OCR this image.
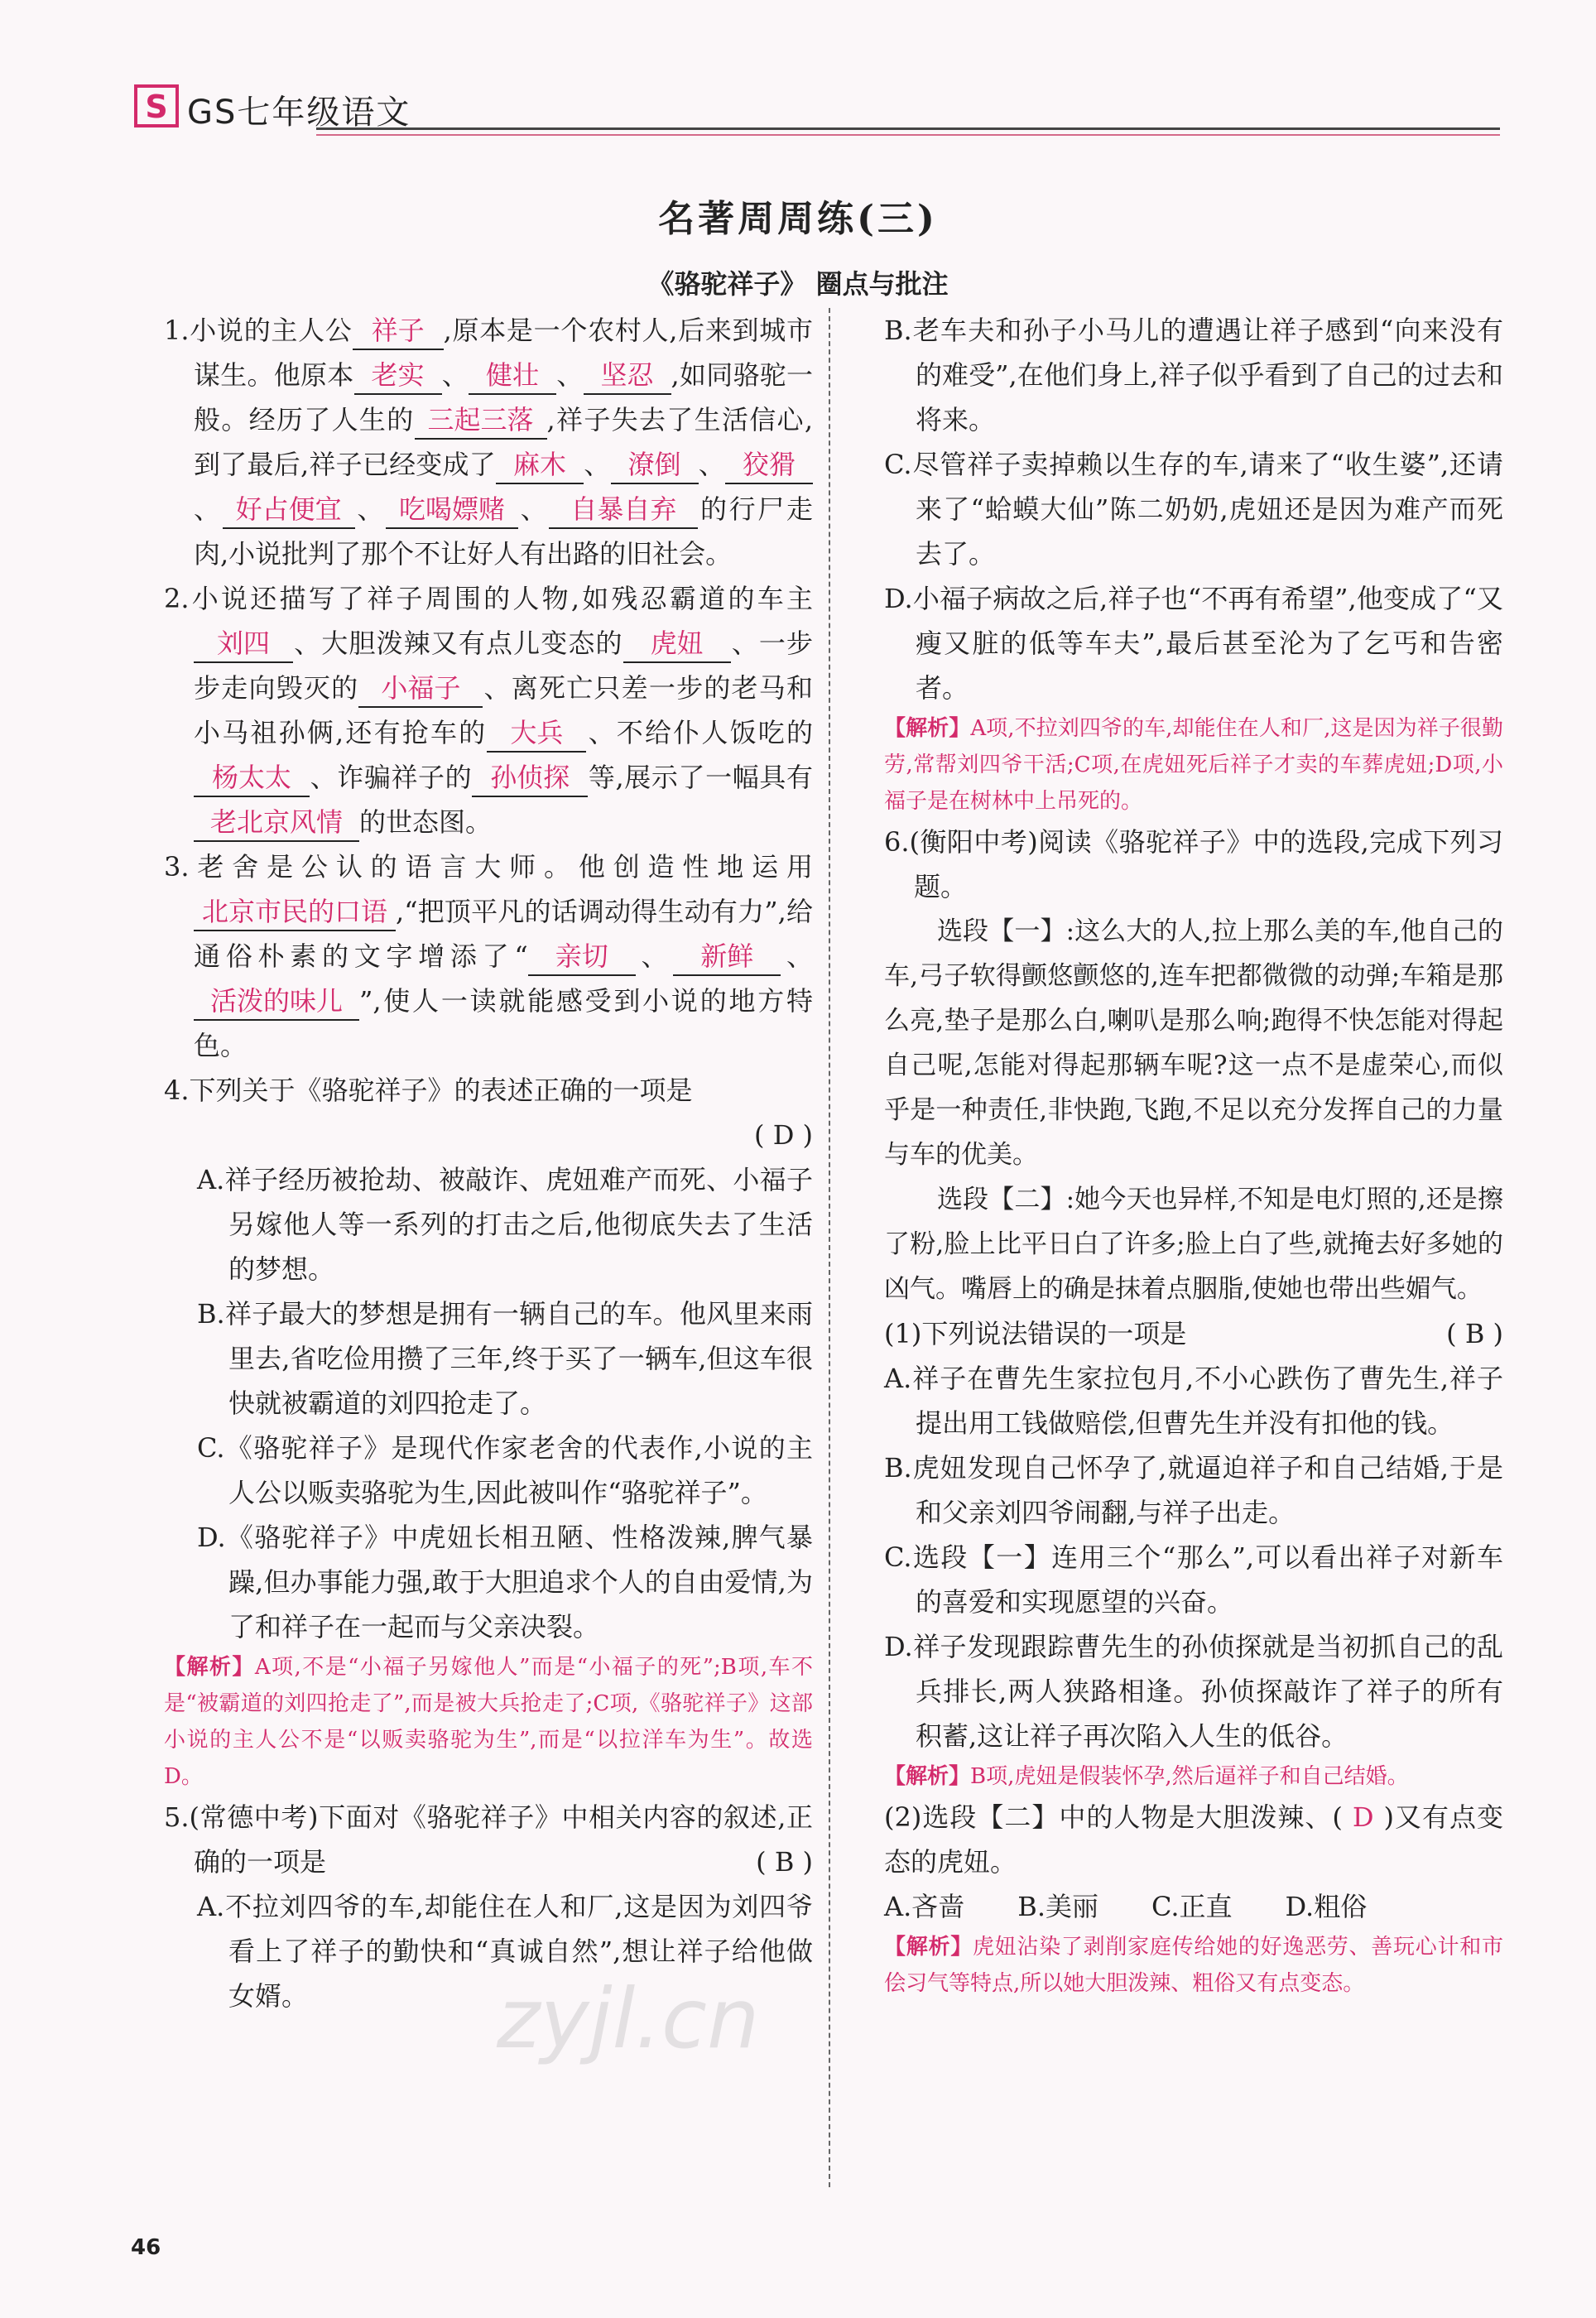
S GS七年级语文
名著周周练(三)
《骆驼祥子》 圈点与批注

1.小说的主人公 祥子 ,原本是一个农村人,后来到城市谋生。他原本 老实 、 健壮 、 坚忍 ,如同骆驼一般。经历了人生的 三起三落 ,祥子失去了生活信心,到了最后,祥子已经变成了 麻木 、 潦倒 、 狡猾、 好占便宜 、 吃喝嫖赌 、 自暴自弃 的行尸走肉,小说批判了那个不让好人有出路的旧社会。

2.小说还描写了祥子周围的人物,如残忍霸道的车主刘四 、大胆泼辣又有点儿变态的 虎妞 、一步步走向毁灭的 小福子 、离死亡只差一步的老马和小马祖孙俩,还有抢车的 大兵 、不给仆人饭吃的杨太太 、诈骗祥子的 孙侦探 等,展示了一幅具有老北京风情 的世态图。

3.老舍是公认的语言大师。他创造性地运用北京市民的口语 ,“把顶平凡的话调动得生动有力”,给通俗朴素的文字增添了“ 亲切 、 新鲜 、活泼的味儿 ”,使人一读就能感受到小说的地方特色。

4.下列关于《骆驼祥子》的表述正确的一项是
( D )

A.祥子经历被抢劫、被敲诈、虎妞难产而死、小福子另嫁他人等一系列的打击之后,他彻底失去了生活的梦想。

B.祥子最大的梦想是拥有一辆自己的车。他风里来雨里去,省吃俭用攒了三年,终于买了一辆车,但这车很快就被霸道的刘四抢走了。

C.《骆驼祥子》是现代作家老舍的代表作,小说的主人公以贩卖骆驼为生,因此被叫作“骆驼祥子”。

D.《骆驼祥子》中虎妞长相丑陋、性格泼辣,脾气暴躁,但办事能力强,敢于大胆追求个人的自由爱情,为了和祥子在一起而与父亲决裂。

【解析】A项,不是“小福子另嫁他人”而是“小福子的死”;B项,车不是“被霸道的刘四抢走了”,而是被大兵抢走了;C项,《骆驼祥子》这部小说的主人公不是“以贩卖骆驼为生”,而是“以拉洋车为生”。故选D。

5.(常德中考)下面对《骆驼祥子》中相关内容的叙述,正确的一项是	( B )

A.不拉刘四爷的车,却能住在人和厂,这是因为刘四爷看上了祥子的勤快和“真诚自然”,想让祥子给他做女婿。

B.老车夫和孙子小马儿的遭遇让祥子感到“向来没有的难受”,在他们身上,祥子似乎看到了自己的过去和将来。

C.尽管祥子卖掉赖以生存的车,请来了“收生婆”,还请来了“蛤蟆大仙”陈二奶奶,虎妞还是因为难产而死去了。

D.小福子病故之后,祥子也“不再有希望”,他变成了“又瘦又脏的低等车夫”,最后甚至沦为了乞丐和告密者。

【解析】A项,不拉刘四爷的车,却能住在人和厂,这是因为祥子很勤劳,常帮刘四爷干活;C项,在虎妞死后祥子才卖的车葬虎妞;D项,小福子是在树林中上吊死的。

6.(衡阳中考)阅读《骆驼祥子》中的选段,完成下列习题。

选段【一】:这么大的人,拉上那么美的车,他自己的车,弓子软得颤悠颤悠的,连车把都微微的动弹;车箱是那么亮,垫子是那么白,喇叭是那么响;跑得不快怎能对得起自己呢,怎能对得起那辆车呢?这一点不是虚荣心,而似乎是一种责任,非快跑,飞跑,不足以充分发挥自己的力量与车的优美。

选段【二】:她今天也异样,不知是电灯照的,还是擦了粉,脸上比平日白了许多;脸上白了些,就掩去好多她的凶气。嘴唇上的确是抹着点胭脂,使她也带出些媚气。

(1)下列说法错误的一项是	( B )

A.祥子在曹先生家拉包月,不小心跌伤了曹先生,祥子提出用工钱做赔偿,但曹先生并没有扣他的钱。

B.虎妞发现自己怀孕了,就逼迫祥子和自己结婚,于是和父亲刘四爷闹翻,与祥子出走。

C.选段【一】连用三个“那么”,可以看出祥子对新车的喜爱和实现愿望的兴奋。

D.祥子发现跟踪曹先生的孙侦探就是当初抓自己的乱兵排长,两人狭路相逢。孙侦探敲诈了祥子的所有积蓄,这让祥子再次陷入人生的低谷。

【解析】B项,虎妞是假装怀孕,然后逼祥子和自己结婚。

(2)选段【二】中的人物是大胆泼辣、( D )又有点变态的虎妞。

A.吝啬 B.美丽 C.正直 D.粗俗

【解析】虎妞沾染了剥削家庭传给她的好逸恶劳、善玩心计和市侩习气等特点,所以她大胆泼辣、粗俗又有点变态。

zyjl.cn
46
